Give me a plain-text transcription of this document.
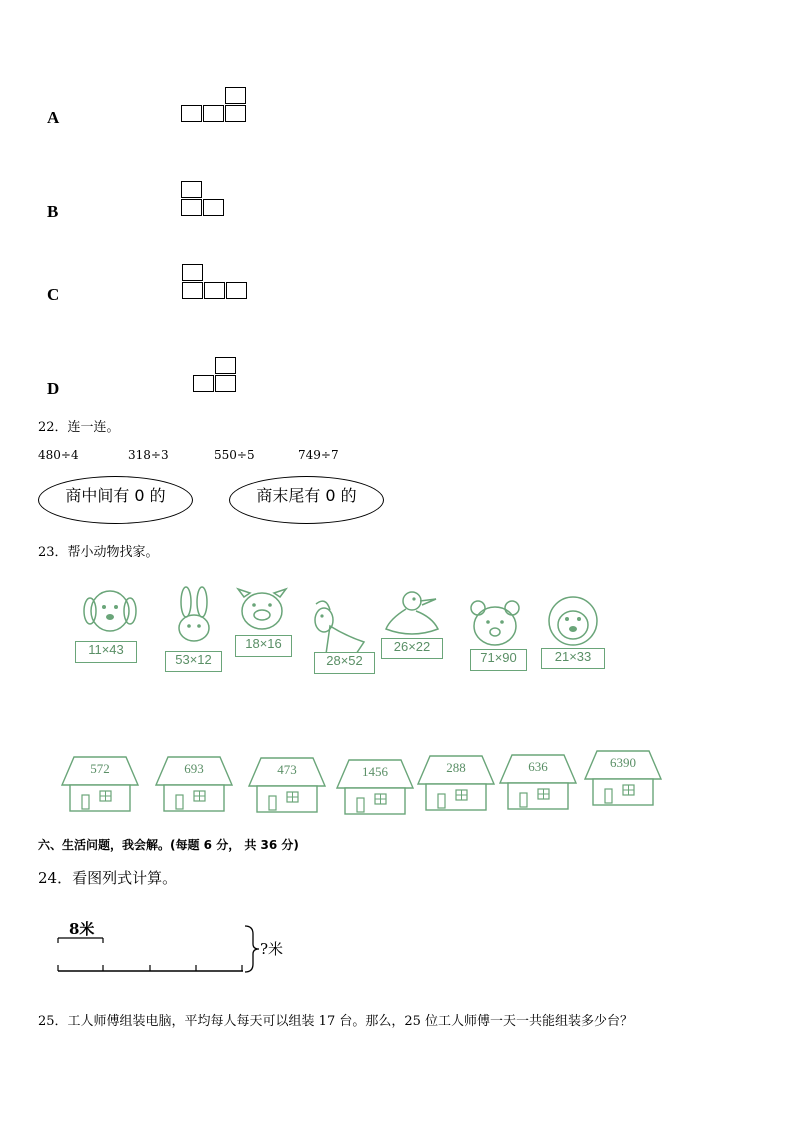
A
B
C
D
22．连一连。
480÷4	318÷3	550÷5	749÷7
商中间有 0 的	商末尾有 0 的
23．帮小动物找家。
11×43
53×12
18×16
28×52
26×22
71×90	21×33
572	693	473	1456	288	636	6390
六、生活问题，我会解。(每题 6 分， 共 36 分)
24．看图列式计算。
8米
?米
25．工人师傅组装电脑，平均每人每天可以组装 17 台。那么，25 位工人师傅一天一共能组装多少台？
